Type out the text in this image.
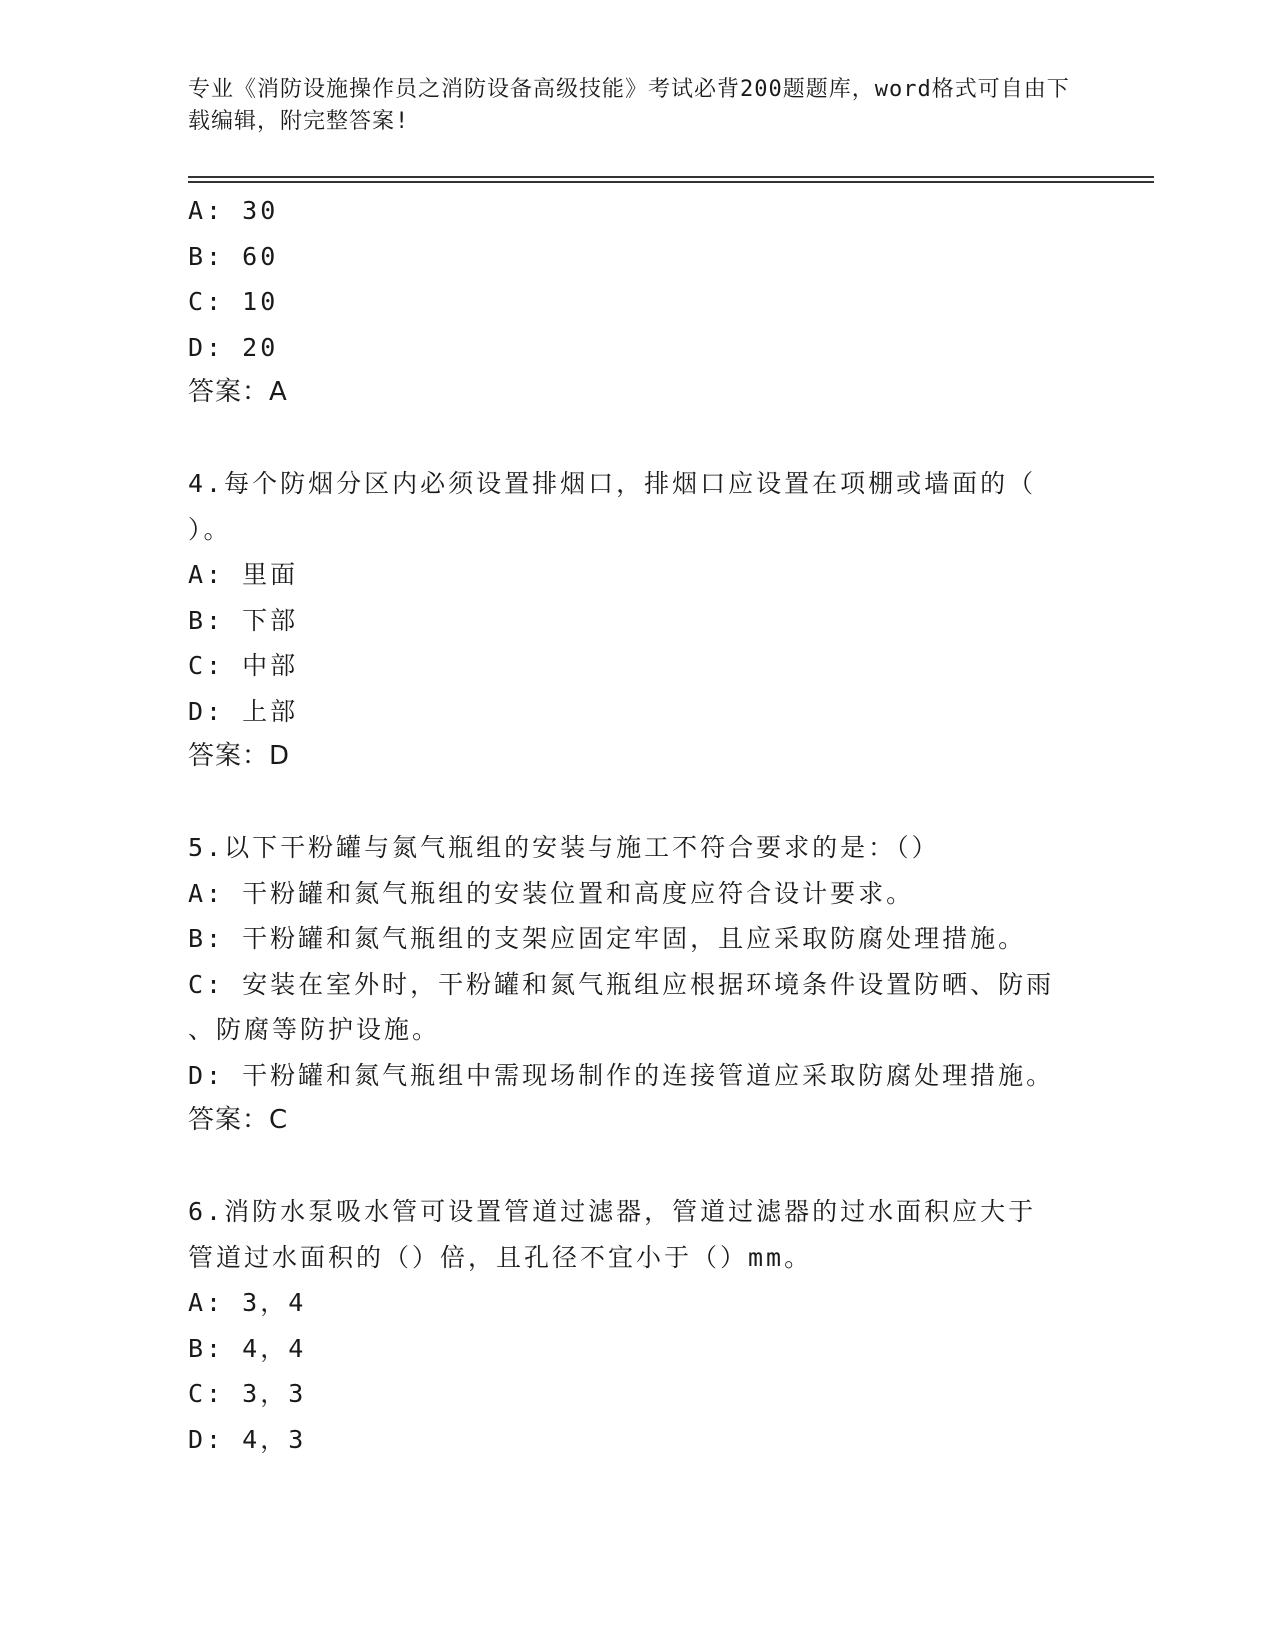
专业《消防设施操作员之消防设备高级技能》考试必背200题题库，word格式可自由下载编辑，附完整答案!

A: 30

B: 60

C: 10

D: 20

答案：A

4.每个防烟分区内必须设置排烟口，排烟口应设置在项棚或墙面的（

）。

A: 里面

B: 下部

C: 中部

D: 上部

答案：D

5.以下干粉罐与氮气瓶组的安装与施工不符合要求的是：（）

A: 干粉罐和氮气瓶组的安装位置和高度应符合设计要求。

B: 干粉罐和氮气瓶组的支架应固定牢固，且应采取防腐处理措施。

C: 安装在室外时，干粉罐和氮气瓶组应根据环境条件设置防晒、防雨

、防腐等防护设施。

D: 干粉罐和氮气瓶组中需现场制作的连接管道应采取防腐处理措施。

答案：C

6.消防水泵吸水管可设置管道过滤器，管道过滤器的过水面积应大于

管道过水面积的（）倍，且孔径不宜小于（）mm。

A: 3，4

B: 4，4

C: 3，3

D: 4，3
